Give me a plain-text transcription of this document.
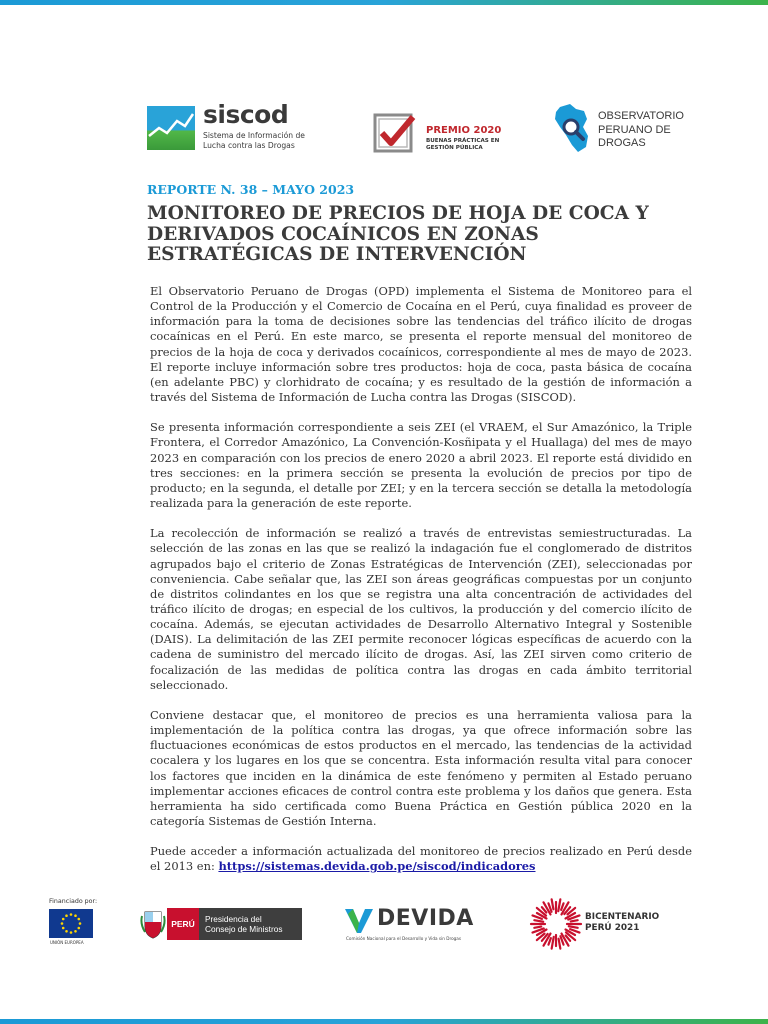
siscod
Sistema de Información de Lucha contra las Drogas
PREMIO 2020
BUENAS PRÁCTICAS EN GESTIÓN PÚBLICA
OBSERVATORIO
PERUANO DE
DROGAS
REPORTE N. 38 – MAYO 2023
MONITOREO DE PRECIOS DE HOJA DE COCA Y DERIVADOS COCAÍNICOS EN ZONAS ESTRATÉGICAS DE INTERVENCIÓN

El Observatorio Peruano de Drogas (OPD) implementa el Sistema de Monitoreo para el Control de la Producción y el Comercio de Cocaína en el Perú, cuya finalidad es proveer de información para la toma de decisiones sobre las tendencias del tráfico ilícito de drogas cocaínicas en el Perú. En este marco, se presenta el reporte mensual del monitoreo de precios de la hoja de coca y derivados cocaínicos, correspondiente al mes de mayo de 2023. El reporte incluye información sobre tres productos: hoja de coca, pasta básica de cocaína (en adelante PBC) y clorhidrato de cocaína; y es resultado de la gestión de información a través del Sistema de Información de Lucha contra las Drogas (SISCOD).

Se presenta información correspondiente a seis ZEI (el VRAEM, el Sur Amazónico, la Triple Frontera, el Corredor Amazónico, La Convención-Kosñipata y el Huallaga) del mes de mayo 2023 en comparación con los precios de enero 2020 a abril 2023. El reporte está dividido en tres secciones: en la primera sección se presenta la evolución de precios por tipo de producto; en la segunda, el detalle por ZEI; y en la tercera sección se detalla la metodología realizada para la generación de este reporte.

La recolección de información se realizó a través de entrevistas semiestructuradas. La selección de las zonas en las que se realizó la indagación fue el conglomerado de distritos agrupados bajo el criterio de Zonas Estratégicas de Intervención (ZEI), seleccionadas por conveniencia. Cabe señalar que, las ZEI son áreas geográficas compuestas por un conjunto de distritos colindantes en los que se registra una alta concentración de actividades del tráfico ilícito de drogas; en especial de los cultivos, la producción y del comercio ilícito de cocaína. Además, se ejecutan actividades de Desarrollo Alternativo Integral y Sostenible (DAIS). La delimitación de las ZEI permite reconocer lógicas específicas de acuerdo con la cadena de suministro del mercado ilícito de drogas. Así, las ZEI sirven como criterio de focalización de las medidas de política contra las drogas en cada ámbito territorial seleccionado.

Conviene destacar que, el monitoreo de precios es una herramienta valiosa para la implementación de la política contra las drogas, ya que ofrece información sobre las fluctuaciones económicas de estos productos en el mercado, las tendencias de la actividad cocalera y los lugares en los que se concentra. Esta información resulta vital para conocer los factores que inciden en la dinámica de este fenómeno y permiten al Estado peruano implementar acciones eficaces de control contra este problema y los daños que genera. Esta herramienta ha sido certificada como Buena Práctica en Gestión pública 2020 en la categoría Sistemas de Gestión Interna.

Puede acceder a información actualizada del monitoreo de precios realizado en Perú desde el 2013 en: https://sistemas.devida.gob.pe/siscod/indicadores

Financiado por:
UNIÓN EUROPEA
PERÚ	Presidencia del
Consejo de Ministros	DEVIDA
Comisión Nacional para el Desarrollo y Vida sin Drogas
BICENTENARIO
PERÚ 2021
